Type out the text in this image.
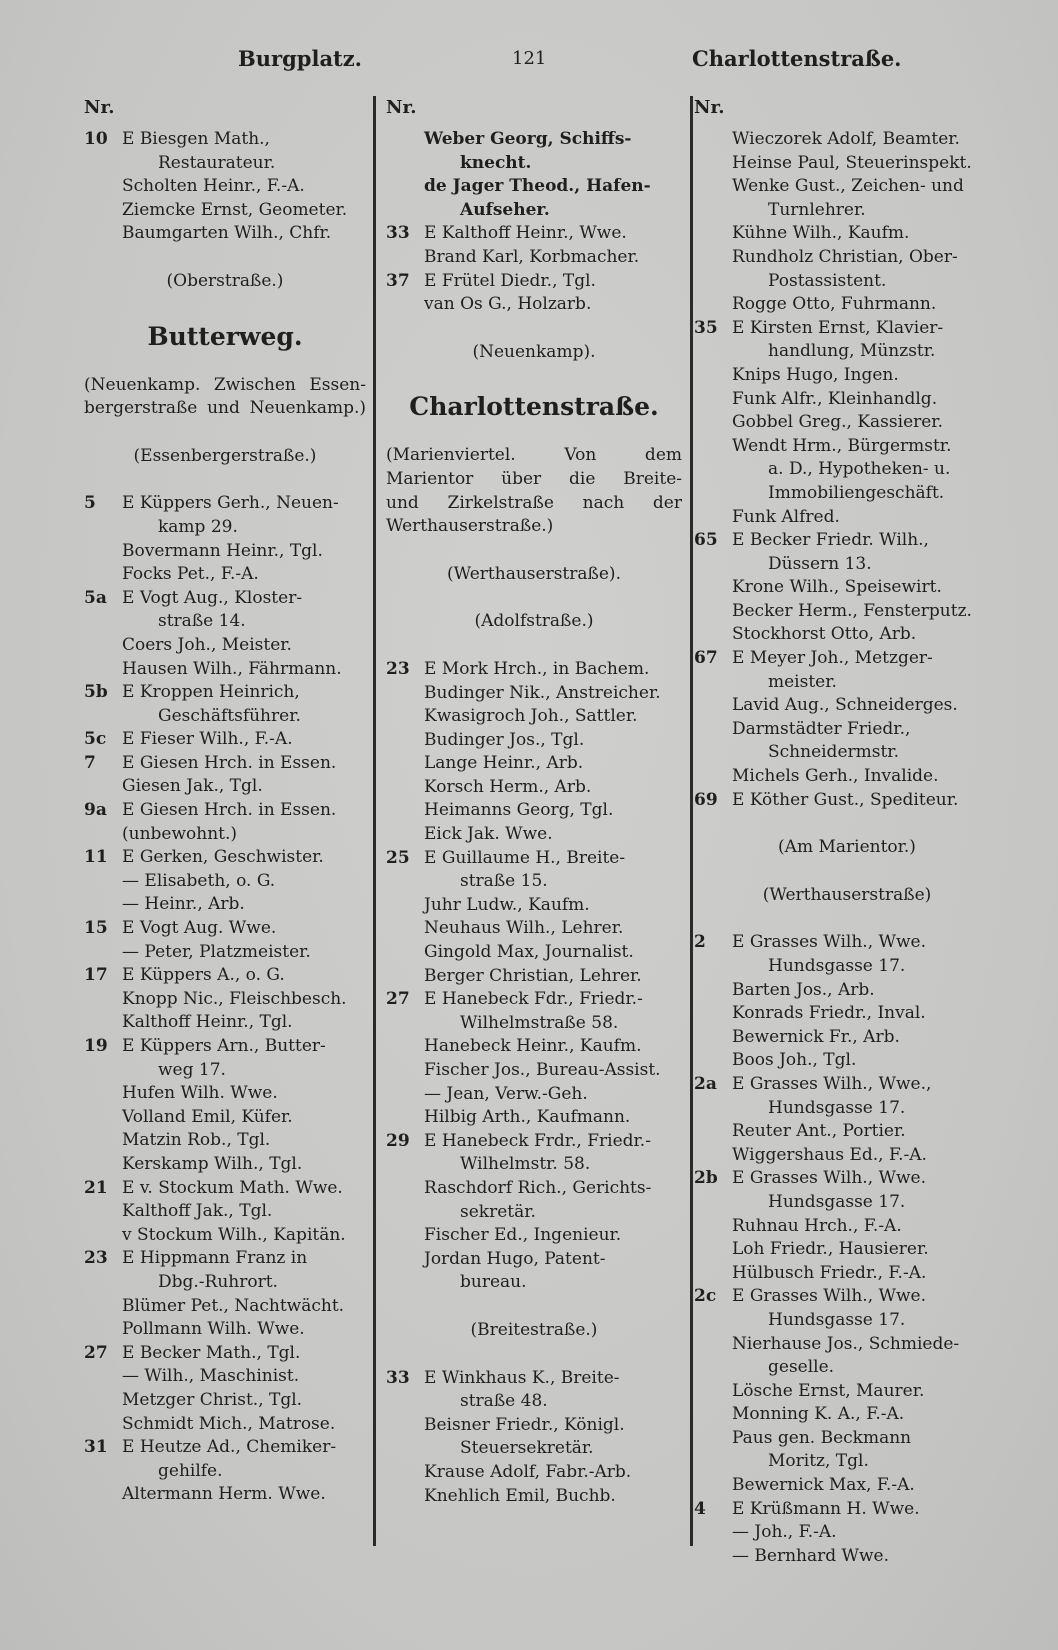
Burgplatz.	121	Charlottenstraße.
Nr.
10 E Biesgen Math.,
Restaurateur.
Scholten Heinr., F.-A.
Ziemcke Ernst, Geometer.
Baumgarten Wilh., Chfr.
(Oberstraße.)
Butterweg.
(Neuenkamp. Zwischen Essen-
bergerstraße und Neuenkamp.)
(Essenbergerstraße.)
5	E Küppers Gerh., Neuen-
kamp 29.
Bovermann Heinr., Tgl.
Focks Pet., F.-A.
5a E Vogt Aug., Kloster-
straße 14.
Coers Joh., Meister.
Hausen Wilh., Fährmann.
5b E Kroppen Heinrich,
Geschäftsführer.
5c E Fieser Wilh., F.-A.
7	E Giesen Hrch. in Essen.
Giesen Jak., Tgl.
9a E Giesen Hrch. in Essen.
(unbewohnt.)
11 E Gerken, Geschwister.
— Elisabeth, o. G.
— Heinr., Arb.
15 E Vogt Aug. Wwe.
— Peter, Platzmeister.
17 E Küppers A., o. G.
Knopp Nic., Fleischbesch.
Kalthoff Heinr., Tgl.
19 E Küppers Arn., Butter-
weg 17.
Hufen Wilh. Wwe.
Volland Emil, Küfer.
Matzin Rob., Tgl.
Kerskamp Wilh., Tgl.
21 E v. Stockum Math. Wwe.
Kalthoff Jak., Tgl.
v Stockum Wilh., Kapitän.
23 E Hippmann Franz in
Dbg.-Ruhrort.
Blümer Pet., Nachtwächt.
Pollmann Wilh. Wwe.
27 E Becker Math., Tgl.
— Wilh., Maschinist.
Metzger Christ., Tgl.
Schmidt Mich., Matrose.
31 E Heutze Ad., Chemiker-
gehilfe.
Altermann Herm. Wwe.
Nr.
Weber Georg, Schiffs-
knecht.
de Jager Theod., Hafen-
Aufseher.
33 E Kalthoff Heinr., Wwe.
Brand Karl, Korbmacher.
37 E Frütel Diedr., Tgl.
van Os G., Holzarb.
(Neuenkamp).
Charlottenstraße.
(Marienviertel. Von dem
Marientor über die Breite-
und Zirkelstraße nach der
Werthauserstraße.)
(Werthauserstraße).
(Adolfstraße.)
23 E Mork Hrch., in Bachem.
Budinger Nik., Anstreicher.
Kwasigroch Joh., Sattler.
Budinger Jos., Tgl.
Lange Heinr., Arb.
Korsch Herm., Arb.
Heimanns Georg, Tgl.
Eick Jak. Wwe.
25 E Guillaume H., Breite-
straße 15.
Juhr Ludw., Kaufm.
Neuhaus Wilh., Lehrer.
Gingold Max, Journalist.
Berger Christian, Lehrer.
27 E Hanebeck Fdr., Friedr.-
Wilhelmstraße 58.
Hanebeck Heinr., Kaufm.
Fischer Jos., Bureau-Assist.
— Jean, Verw.-Geh.
Hilbig Arth., Kaufmann.
29 E Hanebeck Frdr., Friedr.-
Wilhelmstr. 58.
Raschdorf Rich., Gerichts-
sekretär.
Fischer Ed., Ingenieur.
Jordan Hugo, Patent-
bureau.
(Breitestraße.)
33 E Winkhaus K., Breite-
straße 48.
Beisner Friedr., Königl.
Steuersekretär.
Krause Adolf, Fabr.-Arb.
Knehlich Emil, Buchb.
Nr.
Wieczorek Adolf, Beamter.
Heinse Paul, Steuerinspekt.
Wenke Gust., Zeichen- und
Turnlehrer.
Kühne Wilh., Kaufm.
Rundholz Christian, Ober-
Postassistent.
Rogge Otto, Fuhrmann.
35 E Kirsten Ernst, Klavier-
handlung, Münzstr.
Knips Hugo, Ingen.
Funk Alfr., Kleinhandlg.
Gobbel Greg., Kassierer.
Wendt Hrm., Bürgermstr.
a. D., Hypotheken- u.
Immobiliengeschäft.
Funk Alfred.
65 E Becker Friedr. Wilh.,
Düssern 13.
Krone Wilh., Speisewirt.
Becker Herm., Fensterputz.
Stockhorst Otto, Arb.
67 E Meyer Joh., Metzger-
meister.
Lavid Aug., Schneiderges.
Darmstädter Friedr.,
Schneidermstr.
Michels Gerh., Invalide.
69 E Köther Gust., Spediteur.
(Am Marientor.)
(Werthauserstraße)
2	E Grasses Wilh., Wwe.
Hundsgasse 17.
Barten Jos., Arb.
Konrads Friedr., Inval.
Bewernick Fr., Arb.
Boos Joh., Tgl.
2a E Grasses Wilh., Wwe.,
Hundsgasse 17.
Reuter Ant., Portier.
Wiggershaus Ed., F.-A.
2b E Grasses Wilh., Wwe.
Hundsgasse 17.
Ruhnau Hrch., F.-A.
Loh Friedr., Hausierer.
Hülbusch Friedr., F.-A.
2c E Grasses Wilh., Wwe.
Hundsgasse 17.
Nierhause Jos., Schmiede-
geselle.
Lösche Ernst, Maurer.
Monning K. A., F.-A.
Paus gen. Beckmann
Moritz, Tgl.
Bewernick Max, F.-A.
4	E Krüßmann H. Wwe.
— Joh., F.-A.
— Bernhard Wwe.
